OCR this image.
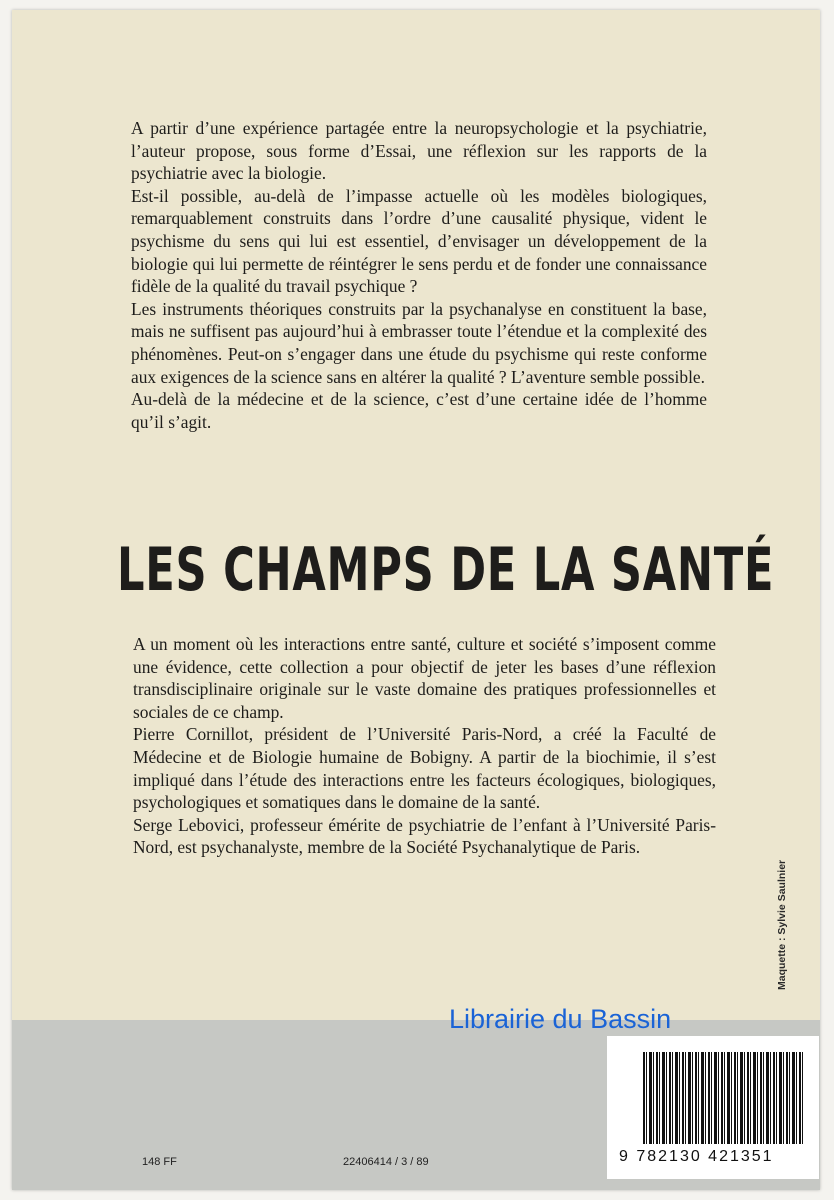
A partir d’une expérience partagée entre la neuropsychologie et la psychiatrie, l’auteur propose, sous forme d’Essai, une réflexion sur les rapports de la psychiatrie avec la biologie.

Est-il possible, au-delà de l’impasse actuelle où les modèles biologiques, remarquablement construits dans l’ordre d’une causalité physique, vident le psychisme du sens qui lui est essentiel, d’envisager un développement de la biologie qui lui permette de réintégrer le sens perdu et de fonder une connaissance fidèle de la qualité du travail psychique ?

Les instruments théoriques construits par la psychanalyse en constituent la base, mais ne suffisent pas aujourd’hui à embrasser toute l’étendue et la complexité des phénomènes. Peut-on s’engager dans une étude du psychisme qui reste conforme aux exigences de la science sans en altérer la qualité ? L’aventure semble possible.

Au-delà de la médecine et de la science, c’est d’une certaine idée de l’homme qu’il s’agit.

LES CHAMPS DE LA SANTÉ

A un moment où les interactions entre santé, culture et société s’imposent comme une évidence, cette collection a pour objectif de jeter les bases d’une réflexion transdisciplinaire originale sur le vaste domaine des pratiques professionnelles et sociales de ce champ.

Pierre Cornillot, président de l’Université Paris-Nord, a créé la Faculté de Médecine et de Biologie humaine de Bobigny. A partir de la biochimie, il s’est impliqué dans l’étude des interactions entre les facteurs écologiques, biologiques, psychologiques et somatiques dans le domaine de la santé.

Serge Lebovici, professeur émérite de psychiatrie de l’enfant à l’Université Paris-Nord, est psychanalyste, membre de la Société Psychanalytique de Paris.

148 FF	22406414 / 3 / 89	9 782130 421351
Maquette : Sylvie Saulnier
Librairie du Bassin
